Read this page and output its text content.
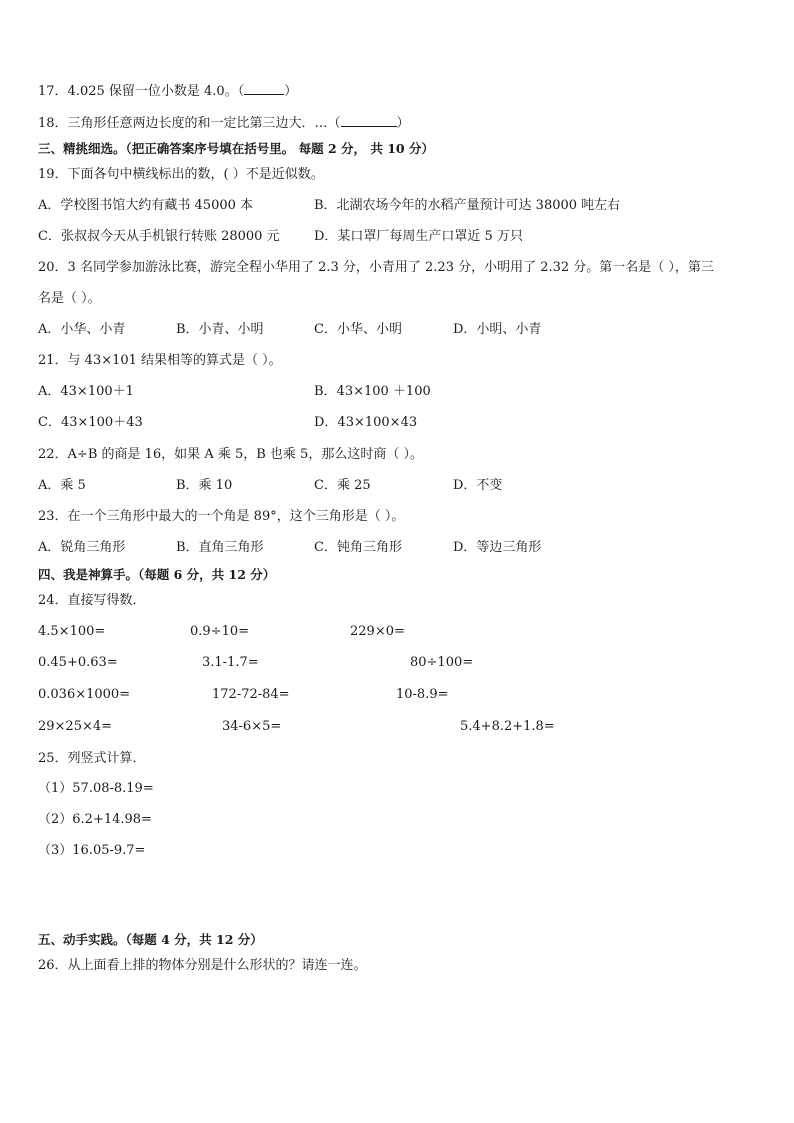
17．4.025 保留一位小数是 4.0。（	）
18．三角形任意两边长度的和一定比第三边大．…（	）
三、精挑细选。（把正确答案序号填在括号里。 每题 2 分， 共 10 分）
19．下面各句中横线标出的数，( ）不是近似数。
A．学校图书馆大约有藏书 45000 本	B．北湖农场今年的水稻产量预计可达 38000 吨左右
C．张叔叔今天从手机银行转账 28000 元	D．某口罩厂每周生产口罩近 5 万只
20．3 名同学参加游泳比赛，游完全程小华用了 2.3 分，小青用了 2.23 分，小明用了 2.32 分。第一名是（ ），第三
名是（ ）。
A．小华、小青	B．小青、小明	C．小华、小明	D．小明、小青
21．与 43×101 结果相等的算式是（ ）。
A．43×100＋1	B．43×100 ＋100
C．43×100＋43	D．43×100×43
22．A÷B 的商是 16，如果 A 乘 5，B 也乘 5，那么这时商（ ）。
A．乘 5	B．乘 10	C．乘 25	D．不变
23．在一个三角形中最大的一个角是 89°，这个三角形是（ ）。
A．锐角三角形	B．直角三角形	C．钝角三角形	D．等边三角形
四、我是神算手。（每题 6 分，共 12 分）
24．直接写得数．
4.5×100=	0.9÷10=	229×0=
0.45+0.63=	3.1-1.7=	80÷100=
0.036×1000=	172-72-84=	10-8.9=
29×25×4=	34-6×5=	5.4+8.2+1.8=
25．列竖式计算．
（1）57.08-8.19=
（2）6.2+14.98=
（3）16.05-9.7=
五、动手实践。（每题 4 分，共 12 分）
26．从上面看上排的物体分别是什么形状的？请连一连。
